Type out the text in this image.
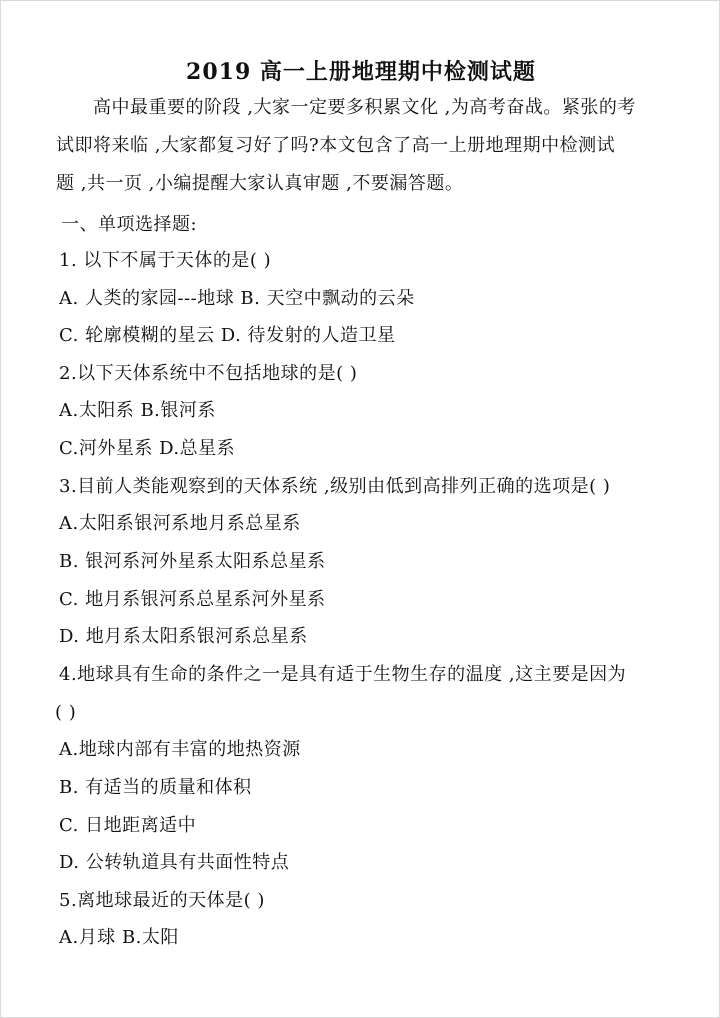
2019 高一上册地理期中检测试题
　　高中最重要的阶段 ,大家一定要多积累文化 ,为高考奋战。紧张的考
试即将来临 ,大家都复习好了吗?本文包含了高一上册地理期中检测试
题 ,共一页 ,小编提醒大家认真审题 ,不要漏答题。
一、单项选择题:
1. 以下不属于天体的是( )
A. 人类的家园---地球 B. 天空中飘动的云朵
C. 轮廓模糊的星云 D. 待发射的人造卫星
2.以下天体系统中不包括地球的是( )
A.太阳系 B.银河系
C.河外星系 D.总星系
3.目前人类能观察到的天体系统 ,级别由低到高排列正确的选项是( )
A.太阳系银河系地月系总星系
B. 银河系河外星系太阳系总星系
C. 地月系银河系总星系河外星系
D. 地月系太阳系银河系总星系
4.地球具有生命的条件之一是具有适于生物生存的温度 ,这主要是因为
( )
A.地球内部有丰富的地热资源
B. 有适当的质量和体积
C. 日地距离适中
D. 公转轨道具有共面性特点
5.离地球最近的天体是( )
A.月球 B.太阳
